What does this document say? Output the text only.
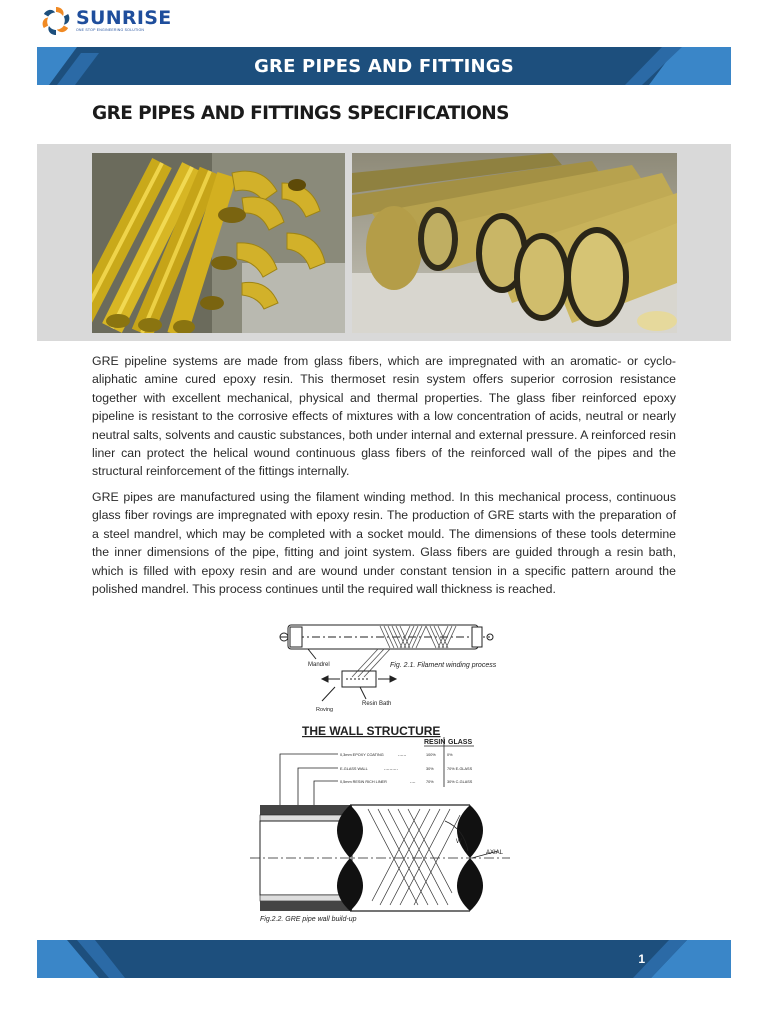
SUNRISE
ONE STOP ENGINEERING SOLUTION
GRE PIPES AND FITTINGS
GRE PIPES AND FITTINGS SPECIFICATIONS

GRE pipeline systems are made from glass fibers, which are impregnated with an aromatic- or cyclo-aliphatic amine cured epoxy resin. This thermoset resin system offers superior corrosion resistance together with excellent mechanical, physical and thermal properties. The glass fiber reinforced epoxy pipeline is resistant to the corrosive effects of mixtures with a low concentration of acids, neutral or nearly neutral salts, solvents and caustic substances, both under internal and external pressure. A reinforced resin liner can protect the helical wound continuous glass fibers of the reinforced wall of the pipes and the structural reinforcement of the fittings internally.

GRE pipes are manufactured using the filament winding method. In this mechanical process, continuous glass fiber rovings are impregnated with epoxy resin. The production of GRE starts with the preparation of a steel mandrel, which may be completed with a socket mould. The dimensions of these tools determine the inner dimensions of the pipe, fitting and joint system. Glass fibers are guided through a resin bath, which is filled with epoxy resin and are wound under constant tension in a specific pattern around the polished mandrel. This process continues until the required wall thickness is reached.

Mandrel	Fig. 2.1. Filament winding process
Resin Bath
Roving
THE WALL STRUCTURE
RESIN GLASS
0,3mm EPOXY COATING	......	100%	0%
E-GLASS WALL	..........	30%	70% E-GLASS
0,5mm RESIN RICH LINER	....	70%	30% C-GLASS
W
AXIAL
Fig.2.2. GRE pipe wall build-up
1
